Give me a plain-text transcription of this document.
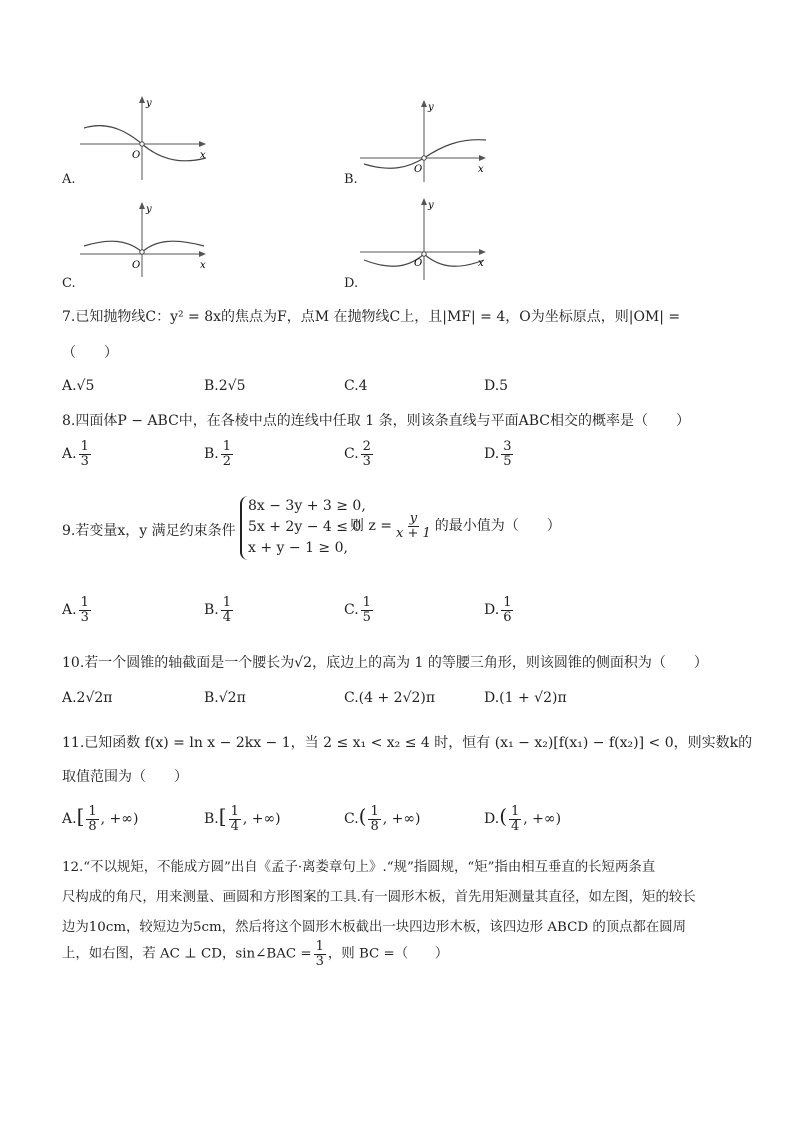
y
x
O
A.
y
x
O
B.
y
x
O
C.
y
x
O
D.
7.已知抛物线C：y² = 8x的焦点为F，点M 在抛物线C上，且|MF| = 4，O为坐标原点，则|OM| =
（　　）
A.√5	B.2√5	C.4	D.5
8.四面体P − ABC中，在各棱中点的连线中任取 1 条，则该条直线与平面ABC相交的概率是（　　）
A. $\frac{1}{3}$	B. $\frac{1}{2}$	C. $\frac{2}{3}$	D. $\frac{3}{5}$
9.若变量x，y 满足约束条件
8x − 3y + 3 ≥ 0,
5x + 2y − 4 ≤ 0
x + y − 1 ≥ 0,
则 $z = \frac{y}{x + 1}$ 的最小值为（　　）
A. $\frac{1}{3}$	B. $\frac{1}{4}$	C. $\frac{1}{5}$	D. $\frac{1}{6}$
10.若一个圆锥的轴截面是一个腰长为√2，底边上的高为 1 的等腰三角形，则该圆锥的侧面积为（　　）
A.2√2π	B.√2π	C.(4 + 2√2)π	D.(1 + √2)π
11.已知函数 f(x) = ln x − 2kx − 1，当 2 ≤ x₁ < x₂ ≤ 4 时，恒有 (x₁ − x₂)[f(x₁) − f(x₂)] < 0，则实数k的
取值范围为（　　）
$A.[ \frac{1}{8}$ , +∞)	$B.[ \frac{1}{4}$ , +∞)	$C.( \frac{1}{8}$ , +∞)	$D.( \frac{1}{4}$ , +∞)
12.“不以规矩，不能成方圆”出自《孟子·离娄章句上》.“规”指圆规，“矩”指由相互垂直的长短两条直
尺构成的角尺，用来测量、画圆和方形图案的工具.有一圆形木板，首先用矩测量其直径，如左图，矩的较长
边为10cm，较短边为5cm，然后将这个圆形木板截出一块四边形木板，该四边形 ABCD 的顶点都在圆周
上，如右图，若 AC ⊥ CD，sin∠BAC = $\frac{1}{3}$ ，则 BC =（　　）
